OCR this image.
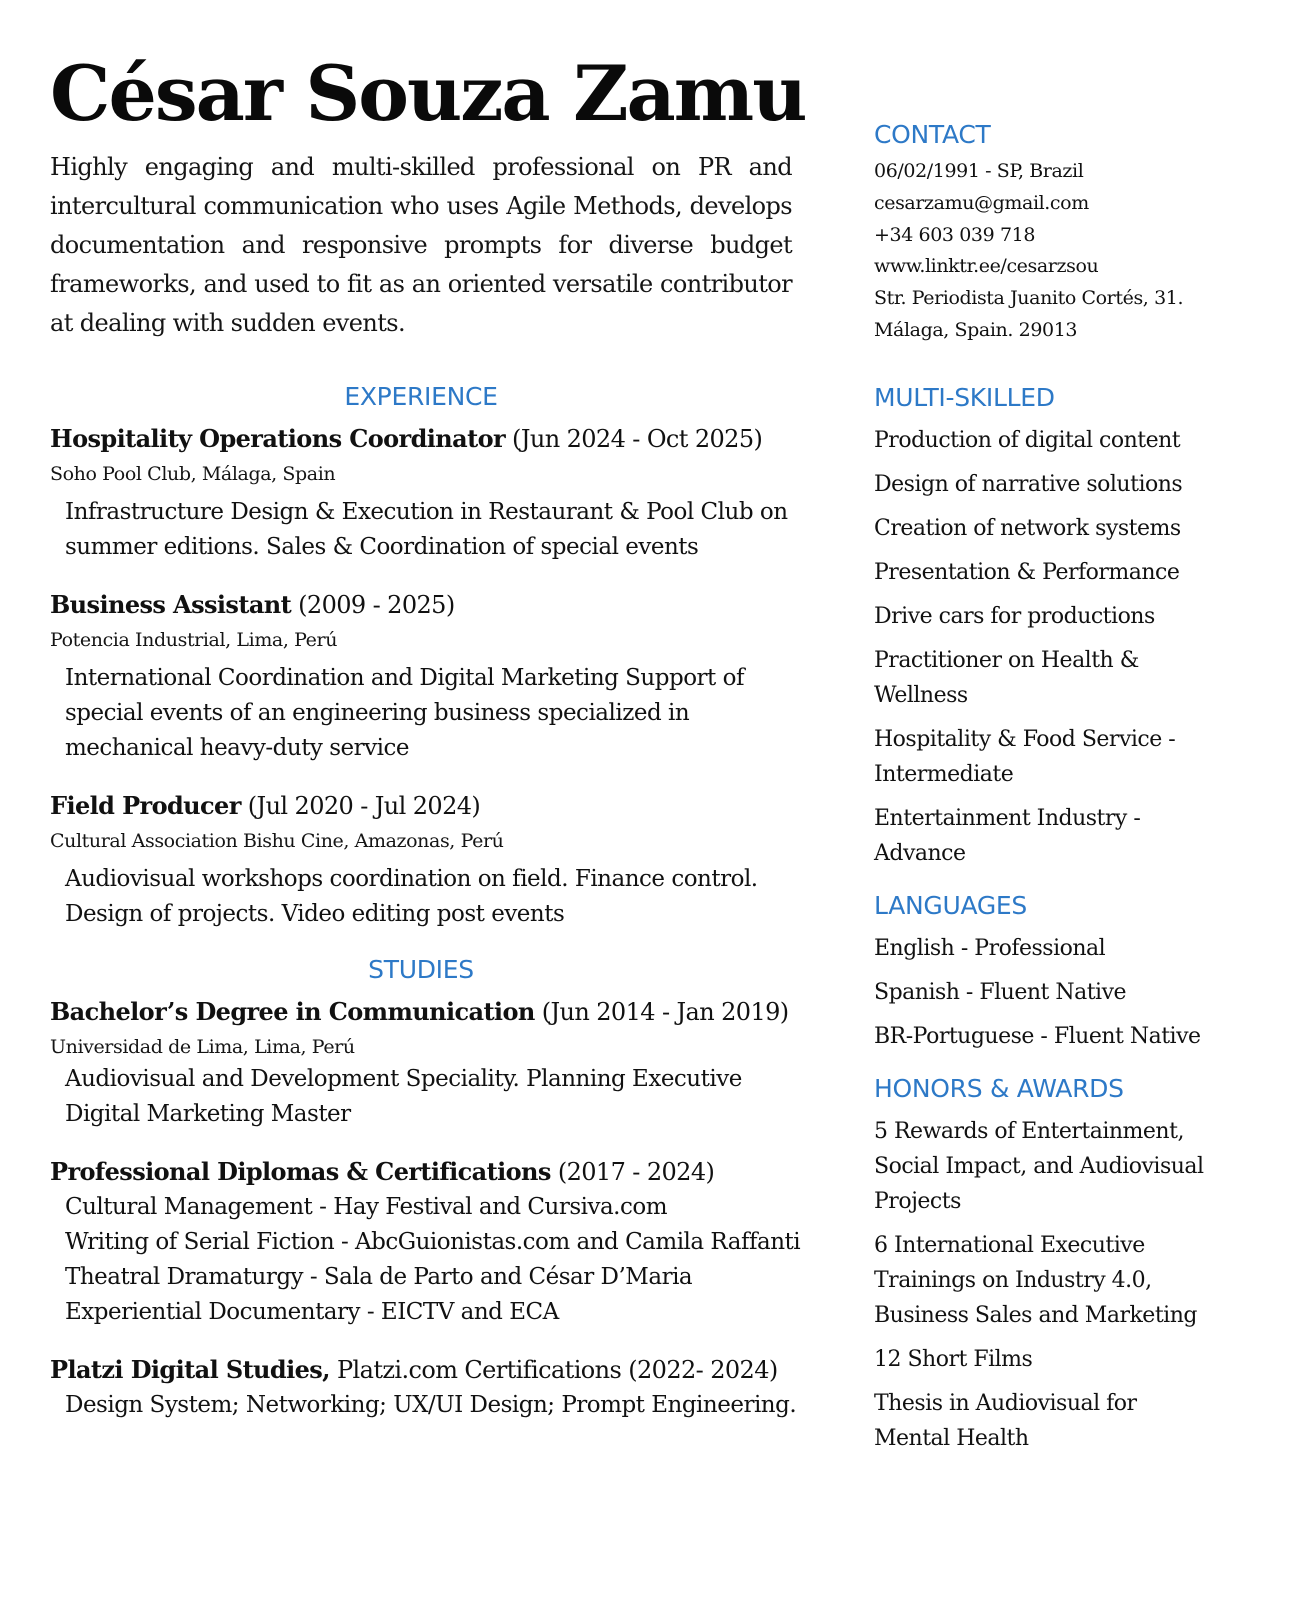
César Souza Zamu

Highly engaging and multi-skilled professional on PR and intercultural communication who uses Agile Methods, develops documentation and responsive prompts for diverse budget frameworks, and used to fit as an oriented versatile contributor at dealing with sudden events.

EXPERIENCE
Hospitality Operations Coordinator (Jun 2024 - Oct 2025)
Soho Pool Club, Málaga, Spain
Infrastructure Design & Execution in Restaurant & Pool Club on
summer editions. Sales & Coordination of special events
Business Assistant (2009 - 2025)
Potencia Industrial, Lima, Perú
International Coordination and Digital Marketing Support of
special events of an engineering business specialized in
mechanical heavy-duty service
Field Producer (Jul 2020 - Jul 2024)
Cultural Association Bishu Cine, Amazonas, Perú
Audiovisual workshops coordination on field. Finance control.
Design of projects. Video editing post events
STUDIES
Bachelor’s Degree in Communication (Jun 2014 - Jan 2019)
Universidad de Lima, Lima, Perú
Audiovisual and Development Speciality. Planning Executive
Digital Marketing Master
Professional Diplomas & Certifications (2017 - 2024)
Cultural Management - Hay Festival and Cursiva.com
Writing of Serial Fiction - AbcGuionistas.com and Camila Raffanti
Theatral Dramaturgy - Sala de Parto and César D’Maria
Experiential Documentary - EICTV and ECA
Platzi Digital Studies, Platzi.com Certifications (2022- 2024)
Design System; Networking; UX/UI Design; Prompt Engineering.
CONTACT
06/02/1991 - SP, Brazil
cesarzamu@gmail.com
+34 603 039 718
www.linktr.ee/cesarzsou
Str. Periodista Juanito Cortés, 31.
Málaga, Spain. 29013
MULTI-SKILLED
Production of digital content
Design of narrative solutions
Creation of network systems
Presentation & Performance
Drive cars for productions
Practitioner on Health &
Wellness
Hospitality & Food Service -
Intermediate
Entertainment Industry -
Advance
LANGUAGES
English - Professional
Spanish - Fluent Native
BR-Portuguese - Fluent Native
HONORS & AWARDS
5 Rewards of Entertainment,
Social Impact, and Audiovisual
Projects
6 International Executive
Trainings on Industry 4.0,
Business Sales and Marketing
12 Short Films
Thesis in Audiovisual for
Mental Health
